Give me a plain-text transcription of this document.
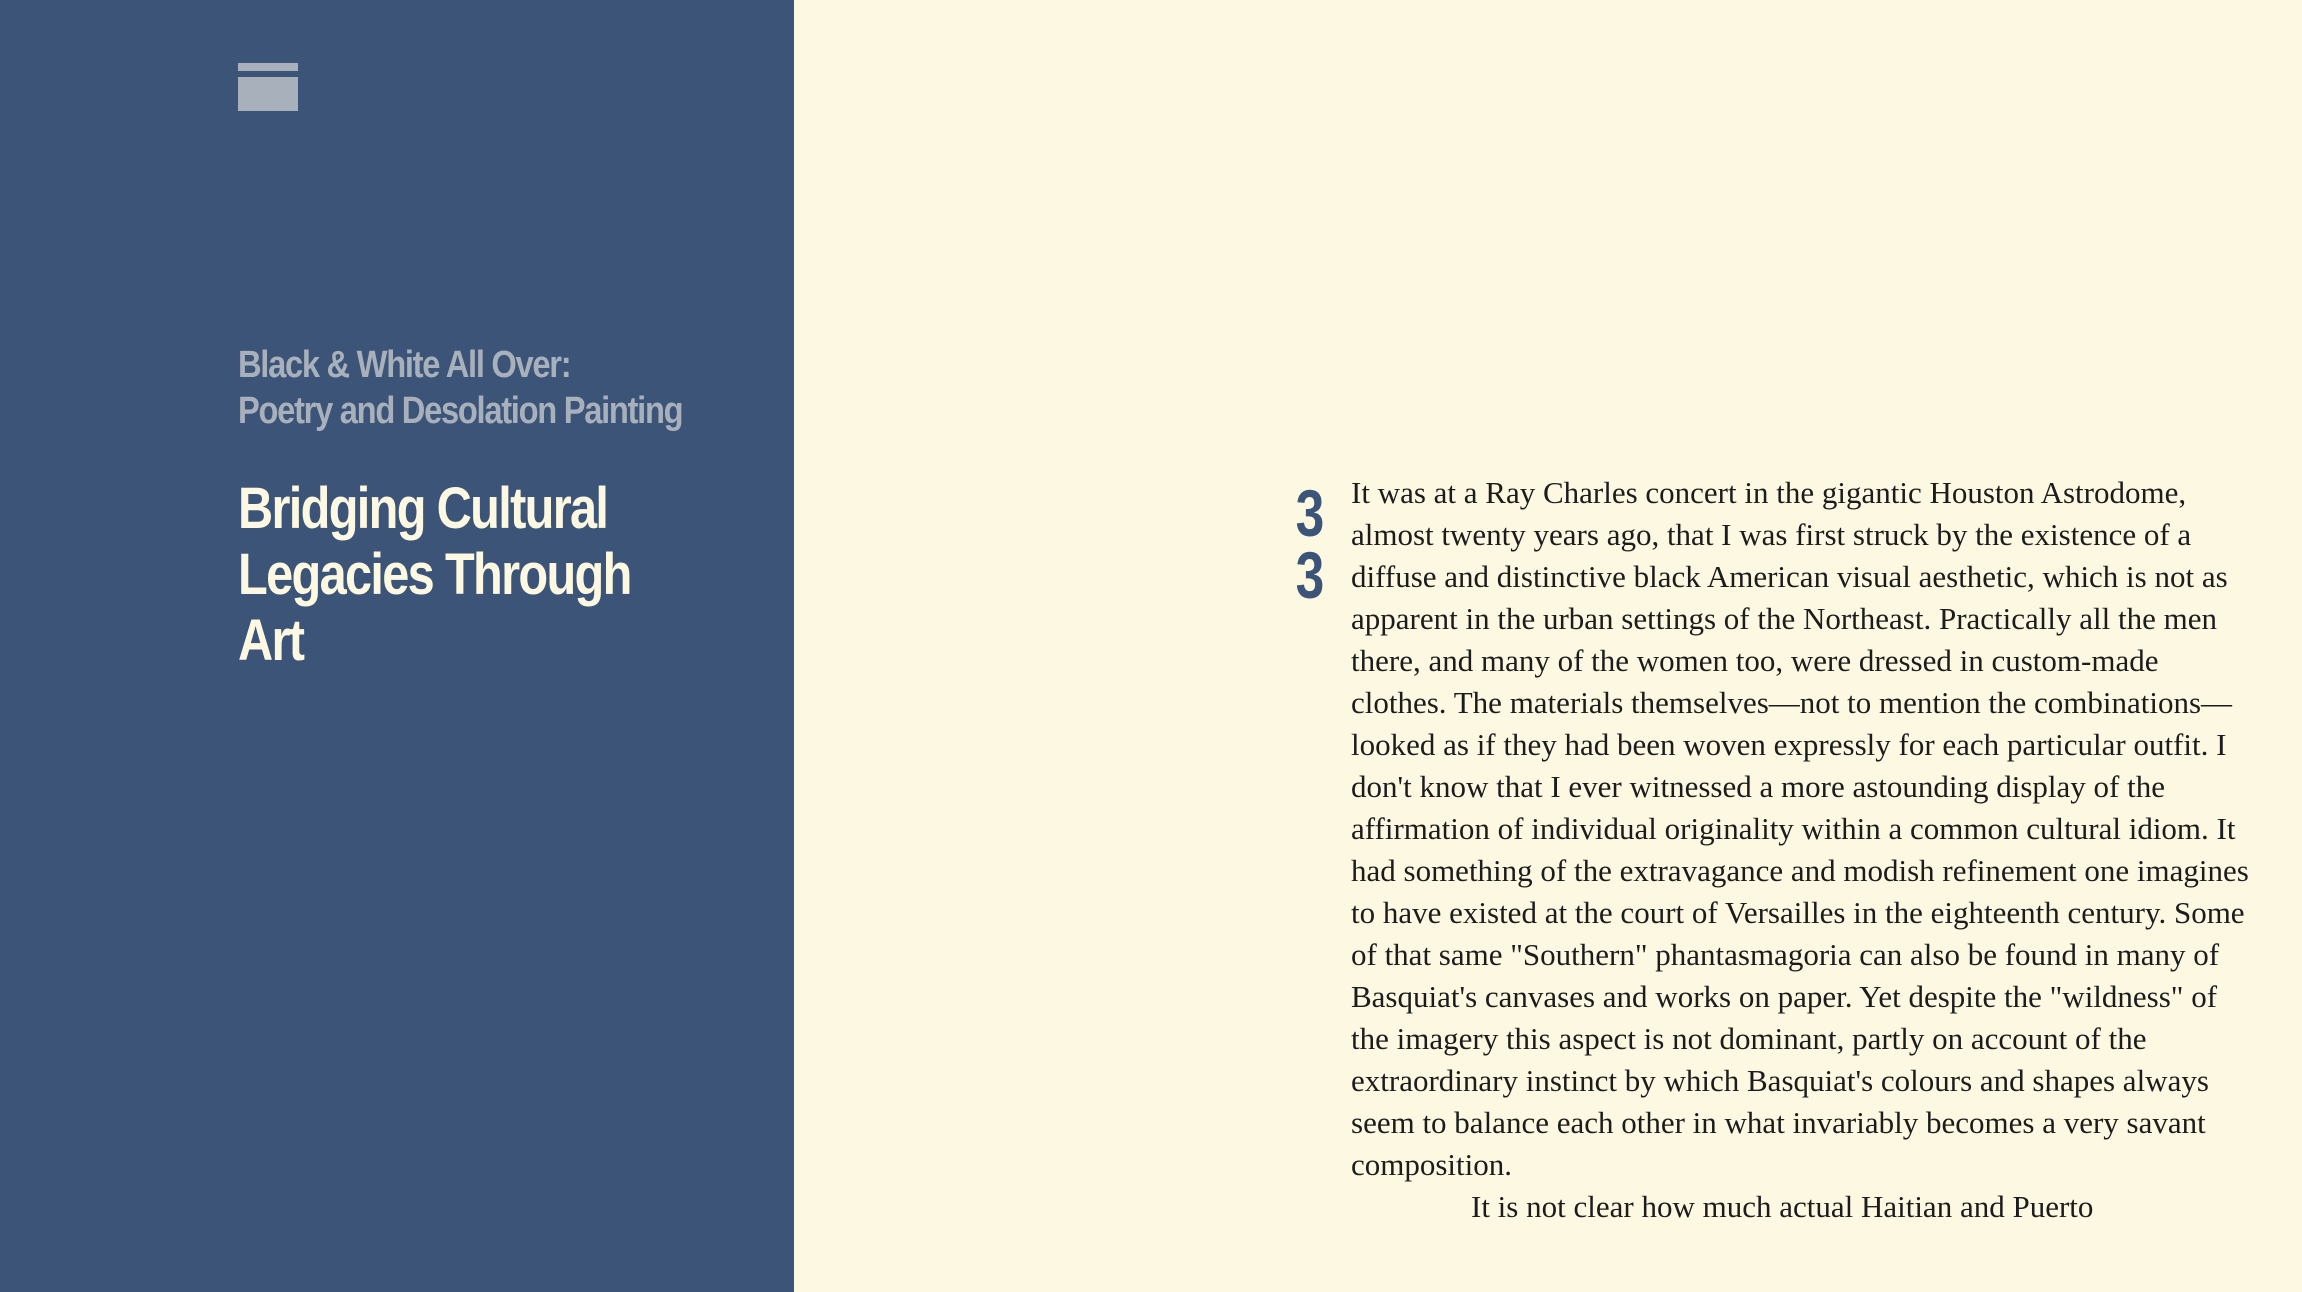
Black & White All Over:
Poetry and Desolation Painting
Bridging Cultural
Legacies Through Art
3
3

It was at a Ray Charles concert in the gigantic Houston Astrodome, almost twenty years ago, that I was first struck by the existence of a diffuse and distinctive black American visual aesthetic, which is not as apparent in the urban settings of the Northeast. Practically all the men there, and many of the women too, were dressed in custom-made clothes. The materials themselves—not to mention the combinations—looked as if they had been woven expressly for each particular outfit. I don't know that I ever witnessed a more astounding display of the affirmation of individual originality within a common cultural idiom. It had something of the extravagance and modish refinement one imagines to have existed at the court of Versailles in the eighteenth century. Some of that same "Southern" phantasmagoria can also be found in many of Basquiat's canvases and works on paper. Yet despite the "wildness" of the imagery this aspect is not dominant, partly on account of the extraordinary instinct by which Basquiat's colours and shapes always seem to balance each other in what invariably becomes a very savant composition.

It is not clear how much actual Haitian and Puerto
